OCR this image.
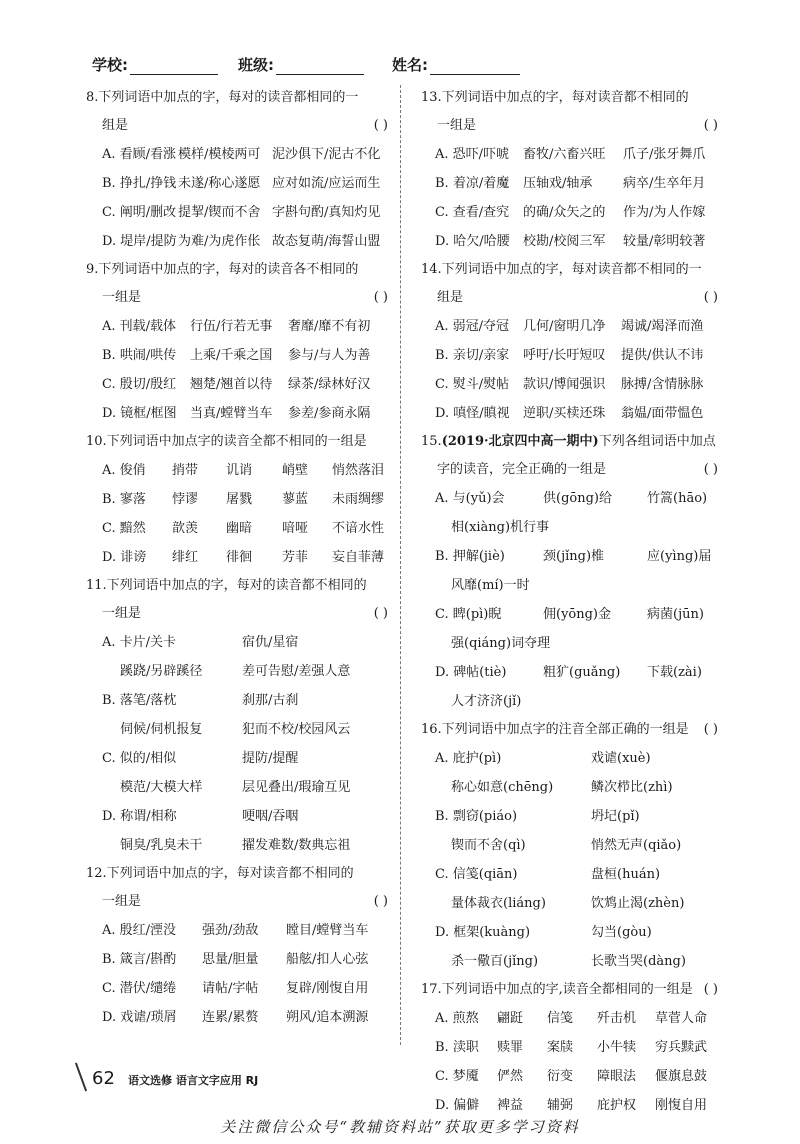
学校:	班级:	姓名:
8.下列词语中加点的字，每对的读音都相同的一
组是	( )
A. 看顾/看涨 模样/模棱两可 泥沙俱下/泥古不化
B. 挣扎/挣钱 未遂/称心遂愿 应对如流/应运而生
C. 阐明/删改 提挈/锲而不舍 字斟句酌/真知灼见
D. 堤岸/提防 为难/为虎作伥 故态复萌/海誓山盟
9.下列词语中加点的字，每对的读音各不相同的
一组是	( )
A. 刊载/载体 行伍/行若无事 奢靡/靡不有初
B. 哄闹/哄传 上乘/千乘之国 参与/与人为善
C. 殷切/殷红 翘楚/翘首以待 绿茶/绿林好汉
D. 镜框/框图 当真/螳臂当车 参差/参商永隔
10.下列词语中加点字的读音全都不相同的一组是
A. 俊俏 捎带 讥诮 峭壁 悄然落泪
B. 寥落 悖谬 屠戮 蓼蓝 未雨绸缪
C. 黯然 歆羡 幽暗 喑哑 不谙水性
D. 诽谤 绯红 徘徊 芳菲 妄自菲薄
11.下列词语中加点的字，每对的读音都不相同的
一组是	( )
A. 卡片/关卡	宿仇/星宿
蹊跷/另辟蹊径	差可告慰/差强人意
B. 落笔/落枕	刹那/古刹
伺候/伺机报复	犯而不校/校园风云
C. 似的/相似	提防/提醒
模范/大模大样	层见叠出/瑕瑜互见
D. 称谓/相称	哽咽/吞咽
铜臭/乳臭未干	擢发难数/数典忘祖
12.下列词语中加点的字，每对读音都不相同的
一组是	( )
A. 殷红/湮没 强劲/劲敌 瞠目/螳臂当车
B. 箴言/斟酌 思量/胆量 船舷/扣人心弦
C. 潜伏/缱绻 请帖/字帖 复辟/刚愎自用
D. 戏谑/琐屑 连累/累赘 朔风/追本溯源
13.下列词语中加点的字，每对读音都不相同的
一组是	( )
A. 恐吓/吓唬 畜牧/六畜兴旺 爪子/张牙舞爪
B. 着凉/着魔 压轴戏/轴承 病卒/生卒年月
C. 查看/查究 的确/众矢之的 作为/为人作嫁
D. 哈欠/哈腰 校勘/校阅三军 较量/彰明较著
14.下列词语中加点的字，每对读音都不相同的一
组是	( )
A. 弱冠/夺冠 几何/窗明几净 竭诚/竭泽而渔
B. 亲切/亲家 呼吁/长吁短叹 提供/供认不讳
C. 熨斗/熨帖 款识/博闻强识 脉搏/含情脉脉
D. 嗔怪/瞋视 逆职/买椟还珠 翁媪/面带愠色
15.(2019·北京四中高一期中)下列各组词语中加点
字的读音，完全正确的一组是	( )
A. 与(yǔ)会	供(gōng)给	竹篙(hāo)
相(xiàng)机行事
B. 押解(jiè)	颈(jǐng)椎	应(yìng)届
风靡(mí)一时
C. 睥(pì)睨	佣(yōng)金	病菌(jūn)
强(qiáng)词夺理
D. 碑帖(tiè)	粗犷(guǎng) 下载(zài)
人才济济(jǐ)
16.下列词语中加点字的注音全部正确的一组是 ( )
A. 庇护(pì)	戏谑(xuè)
称心如意(chēng)	鳞次栉比(zhì)
B. 剽窃(piáo)	坍圮(pǐ)
锲而不舍(qì)	悄然无声(qiǎo)
C. 信笺(qiān)	盘桓(huán)
量体裁衣(liáng)	饮鸩止渴(zhèn)
D. 框架(kuàng)	勾当(gòu)
杀一儆百(jǐng)	长歌当哭(dàng)
17.下列词语中加点的字,读音全都相同的一组是 ( )
A. 煎熬 翩跹 信笺 歼击机 草菅人命
B. 渎职 赎罪 案牍 小牛犊 穷兵黩武
C. 梦魇 俨然 衍变 障眼法 偃旗息鼓
D. 偏僻 裨益 辅弼 庇护权 刚愎自用
62 语文选修 语言文字应用 RJ
关注微信公众号“教辅资料站”获取更多学习资料
